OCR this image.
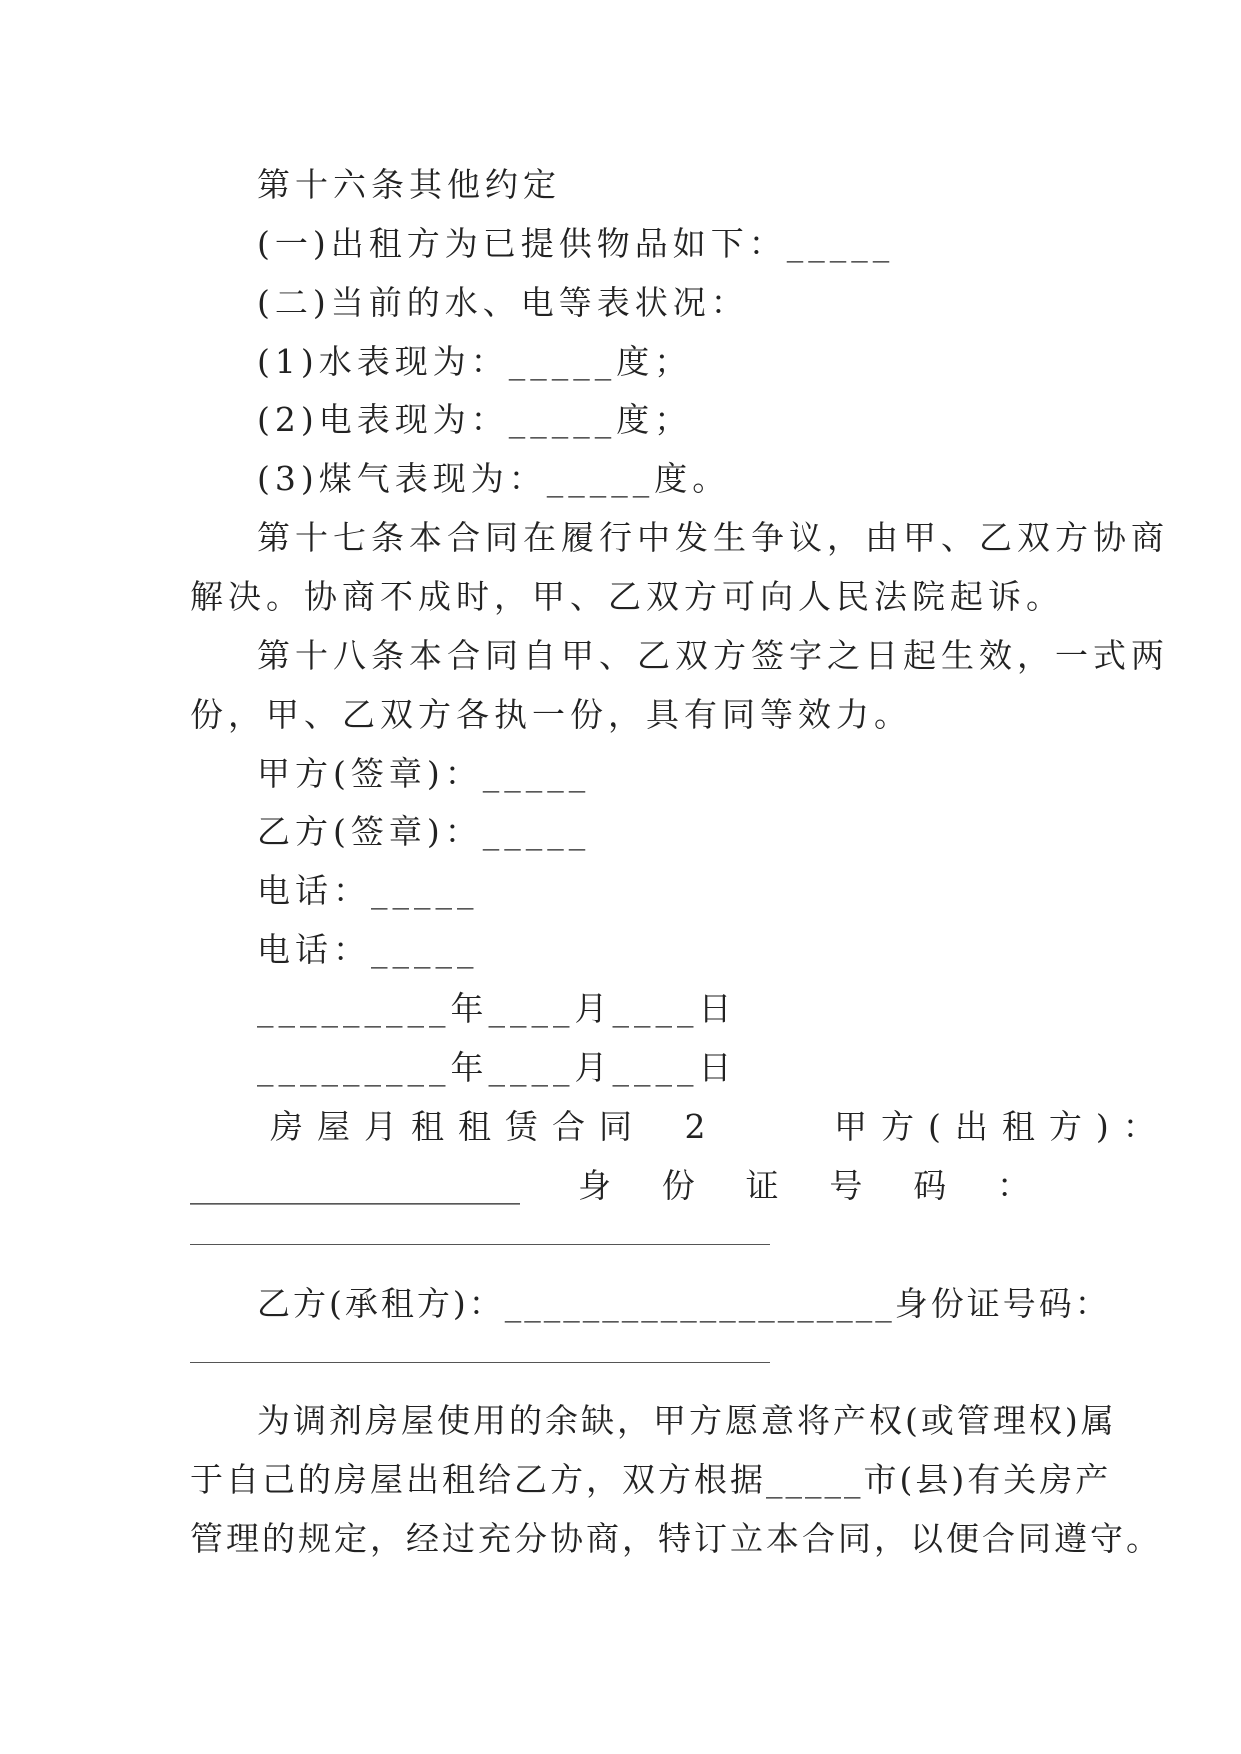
第十六条其他约定
(一)出租方为已提供物品如下：_____
(二)当前的水、电等表状况：
(1)水表现为：_____度；
(2)电表现为：_____度；
(3)煤气表现为：_____度。
第十七条本合同在履行中发生争议，由甲、乙双方协商
解决。协商不成时，甲、乙双方可向人民法院起诉。
第十八条本合同自甲、乙双方签字之日起生效，一式两
份，甲、乙双方各执一份，具有同等效力。
甲方(签章)：_____
乙方(签章)：_____
电话：_____
电话：_____
_________年____月____日
_________年____月____日
房屋月租租赁合同 2	甲方(出租方)：
____________________ 身 份 证 号 码 ：
乙方(承租方)：____________________身份证号码：
为调剂房屋使用的余缺，甲方愿意将产权(或管理权)属
于自己的房屋出租给乙方，双方根据_____市(县)有关房产
管理的规定，经过充分协商，特订立本合同，以便合同遵守。
